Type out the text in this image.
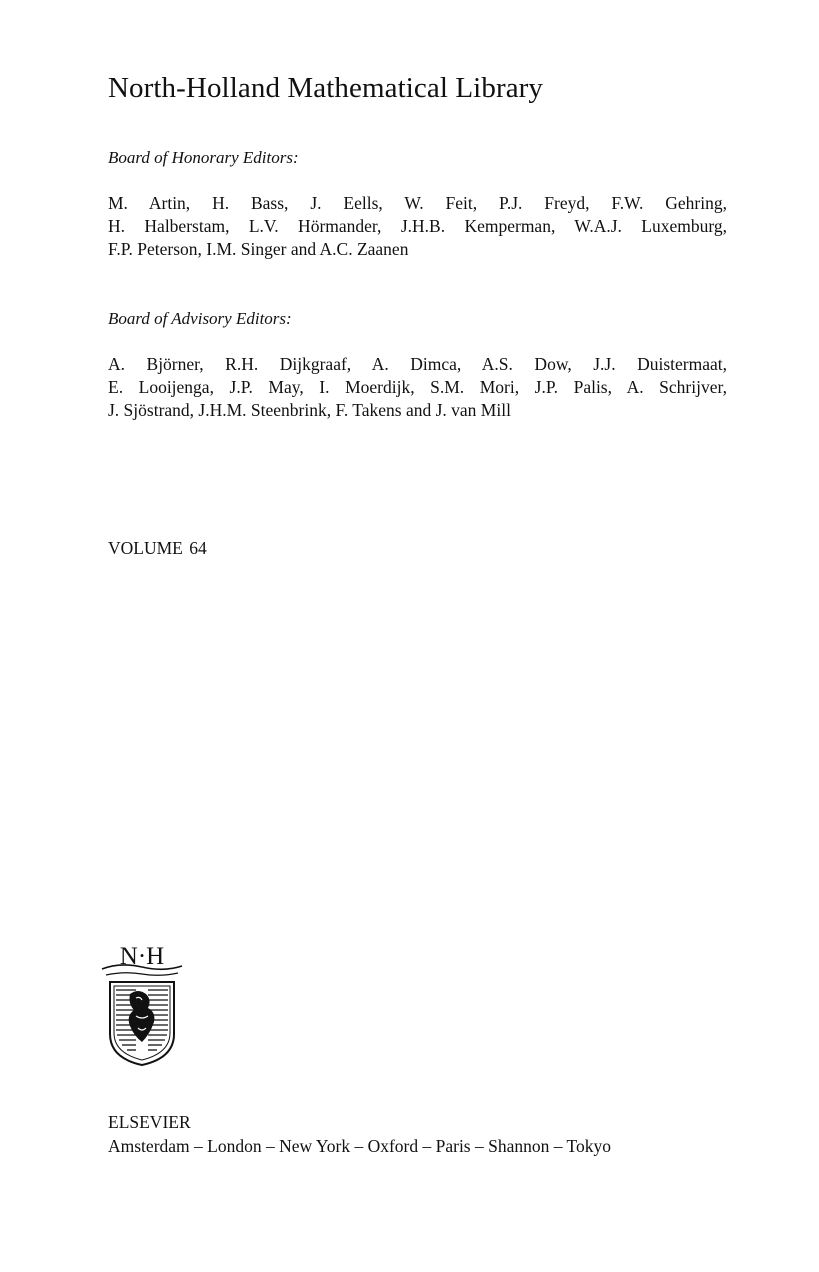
North-Holland Mathematical Library
Board of Honorary Editors:
M. Artin, H. Bass, J. Eells, W. Feit, P.J. Freyd, F.W. Gehring,
H. Halberstam, L.V. Hörmander, J.H.B. Kemperman, W.A.J. Luxemburg,
F.P. Peterson, I.M. Singer and A.C. Zaanen
Board of Advisory Editors:
A. Björner, R.H. Dijkgraaf, A. Dimca, A.S. Dow, J.J. Duistermaat,
E. Looijenga, J.P. May, I. Moerdijk, S.M. Mori, J.P. Palis, A. Schrijver,
J. Sjöstrand, J.H.M. Steenbrink, F. Takens and J. van Mill
VOLUME 64
N·H
ELSEVIER
Amsterdam – London – New York – Oxford – Paris – Shannon – Tokyo
